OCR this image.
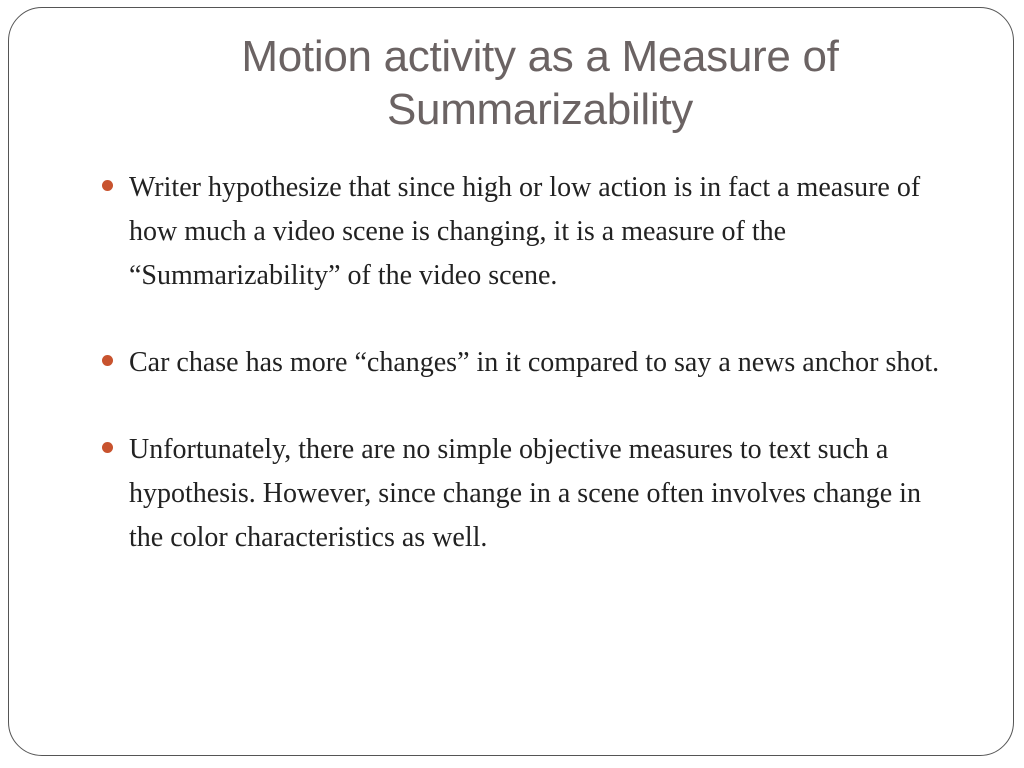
Motion activity as a Measure of Summarizability
Writer hypothesize that since high or low action is in fact a measure of how much a video scene is changing, it is a measure of the “Summarizability” of the video scene.
Car chase has more “changes” in it compared to say a news anchor shot.
Unfortunately, there are no simple objective measures to text such a hypothesis. However, since change in a scene often involves change in the color characteristics as well.
